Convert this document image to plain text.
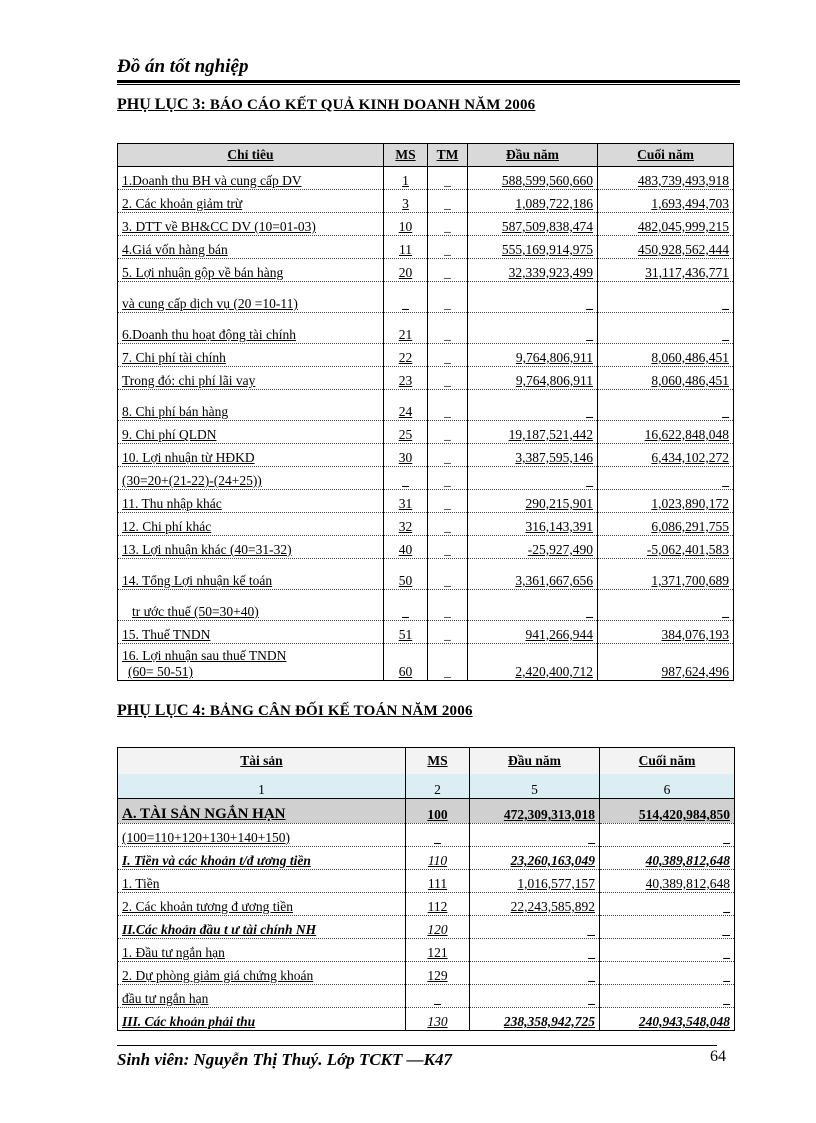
Đồ án tốt nghiệp
PHỤ LỤC 3: BÁO CÁO KẾT QUẢ KINH DOANH NĂM 2006
Chỉ tiêu	MS	TM	Đầu năm	Cuối năm
1.Doanh thu BH và cung cấp DV	1	_	588,599,560,660	483,739,493,918
2. Các khoản giảm trừ	3	_	1,089,722,186	1,693,494,703
3. DTT về BH&CC DV (10=01-03)	10	_	587,509,838,474	482,045,999,215
4.Giá vốn hàng bán	11	_	555,169,914,975	450,928,562,444
5. Lợi nhuận gộp về bán hàng	20	_	32,339,923,499	31,117,436,771
và cung cấp dịch vụ (20 =10-11)	_	_	_	_
6.Doanh thu hoạt động tài chính	21	_	_	_
7. Chi phí tài chính	22	_	9,764,806,911	8,060,486,451
Trong đó: chi phí lãi vay	23	_	9,764,806,911	8,060,486,451
8. Chi phí bán hàng	24	_	_	_
9. Chi phí QLDN	25	_	19,187,521,442	16,622,848,048
10. Lợi nhuận từ HĐKD	30	_	3,387,595,146	6,434,102,272
(30=20+(21-22)-(24+25))	_	_	_	_
11. Thu nhập khác	31	_	290,215,901	1,023,890,172
12. Chi phí khác	32	_	316,143,391	6,086,291,755
13. Lợi nhuận khác (40=31-32)	40	_	-25,927,490	-5,062,401,583
14. Tổng Lợi nhuận kế toán	50	_	3,361,667,656	1,371,700,689
tr ước thuế (50=30+40)	_	_	_	_
15. Thuế TNDN	51	_	941,266,944	384,076,193
16. Lợi nhuận sau thuế TNDN
(60= 50-51)	60	_	2,420,400,712	987,624,496
PHỤ LỤC 4: BẢNG CÂN ĐỐI KẾ TOÁN NĂM 2006
Tài sản	MS	Đầu năm	Cuối năm
1	2	5	6
A. TÀI SẢN NGẮN HẠN	100	472,309,313,018	514,420,984,850
(100=110+120+130+140+150)	_	_	_
I. Tiền và các khoản t/đ ương tiền	110	23,260,163,049	40,389,812,648
1. Tiền	111	1,016,577,157	40,389,812,648
2. Các khoản tương đ ương tiền	112	22,243,585,892	_
II.Các khoản đầu t ư tài chính NH	120	_	_
1. Đầu tư ngắn hạn	121	_	_
2. Dự phòng giảm giá chứng khoán	129	_	_
đầu tư ngắn hạn	_	_	_
III. Các khoản phải thu	130	238,358,942,725	240,943,548,048
Sinh viên: Nguyễn Thị Thuý. Lớp TCKT —K47	64
